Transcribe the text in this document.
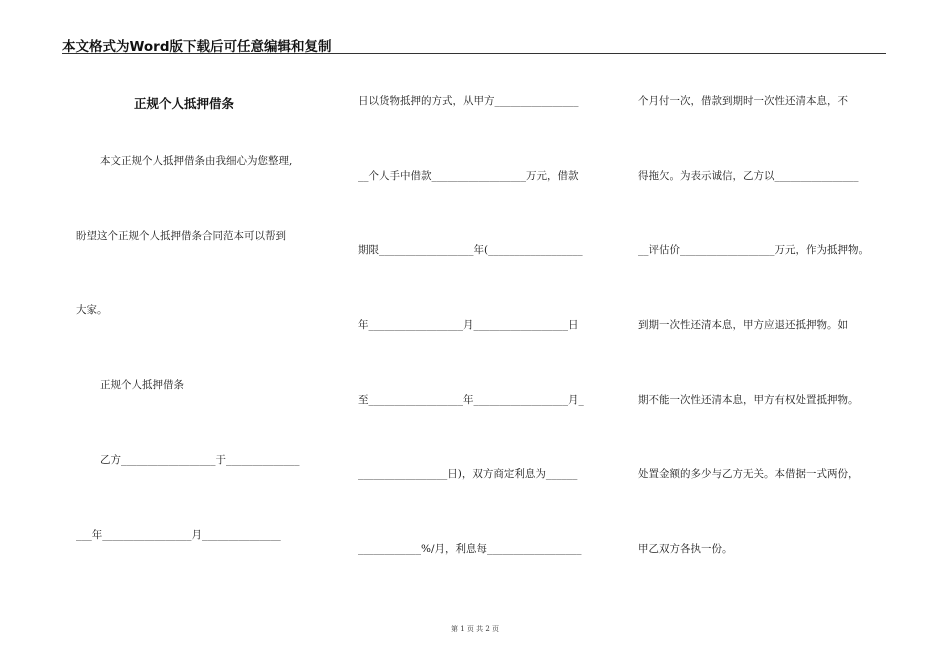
本文格式为Word版下载后可任意编辑和复制
正规个人抵押借条
本文正规个人抵押借条由我细心为您整理,
盼望这个正规个人抵押借条合同范本可以帮到
大家。
正规个人抵押借条
乙方__________________于______________
___年_________________月_______________
日以货物抵押的方式，从甲方________________
__个人手中借款__________________万元，借款
期限__________________年(__________________
年__________________月__________________日
至__________________年__________________月_
_________________日)，双方商定利息为______
____________%/月，利息每__________________
个月付一次，借款到期时一次性还清本息，不
得拖欠。为表示诚信，乙方以________________
__评估价__________________万元，作为抵押物。
到期一次性还清本息，甲方应退还抵押物。如
期不能一次性还清本息，甲方有权处置抵押物。
处置金额的多少与乙方无关。本借据一式两份，
甲乙双方各执一份。
第 1 页 共 2 页
